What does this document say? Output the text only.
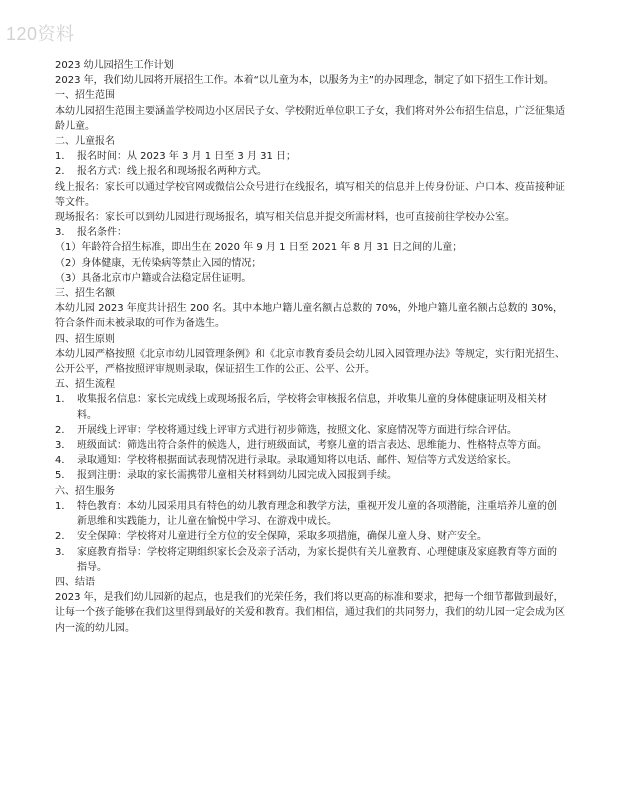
120资料

2023 幼儿园招生工作计划

2023 年，我们幼儿园将开展招生工作。本着“以儿童为本，以服务为主”的办园理念，制定了如下招生工作计划。

一、招生范围

本幼儿园招生范围主要涵盖学校周边小区居民子女、学校附近单位职工子女，我们将对外公布招生信息，广泛征集适龄儿童。

二、儿童报名

1． 报名时间：从 2023 年 3 月 1 日至 3 月 31 日；
2． 报名方式：线上报名和现场报名两种方式。

线上报名：家长可以通过学校官网或微信公众号进行在线报名，填写相关的信息并上传身份证、户口本、疫苗接种证等文件。

现场报名：家长可以到幼儿园进行现场报名，填写相关信息并提交所需材料，也可直接前往学校办公室。

3． 报名条件：

（1）年龄符合招生标准，即出生在 2020 年 9 月 1 日至 2021 年 8 月 31 日之间的儿童；

（2）身体健康，无传染病等禁止入园的情况；

（3）具备北京市户籍或合法稳定居住证明。

三、招生名额

本幼儿园 2023 年度共计招生 200 名。其中本地户籍儿童名额占总数的 70%，外地户籍儿童名额占总数的 30%，符合条件而未被录取的可作为备选生。

四、招生原则

本幼儿园严格按照《北京市幼儿园管理条例》和《北京市教育委员会幼儿园入园管理办法》等规定，实行阳光招生、公开公平，严格按照评审规则录取，保证招生工作的公正、公平、公开。

五、招生流程

1． 收集报名信息：家长完成线上或现场报名后，学校将会审核报名信息，并收集儿童的身体健康证明及相关材料。
2． 开展线上评审：学校将通过线上评审方式进行初步筛选，按照文化、家庭情况等方面进行综合评估。
3． 班级面试：筛选出符合条件的候选人，进行班级面试，考察儿童的语言表达、思维能力、性格特点等方面。
4． 录取通知：学校将根据面试表现情况进行录取。录取通知将以电话、邮件、短信等方式发送给家长。
5． 报到注册：录取的家长需携带儿童相关材料到幼儿园完成入园报到手续。

六、招生服务

1． 特色教育：本幼儿园采用具有特色的幼儿教育理念和教学方法，重视开发儿童的各项潜能，注重培养儿童的创新思维和实践能力，让儿童在愉悦中学习、在游戏中成长。
2． 安全保障：学校将对儿童进行全方位的安全保障，采取多项措施，确保儿童人身、财产安全。
3． 家庭教育指导：学校将定期组织家长会及亲子活动，为家长提供有关儿童教育、心理健康及家庭教育等方面的指导。

四、结语

2023 年，是我们幼儿园新的起点，也是我们的光荣任务，我们将以更高的标准和要求，把每一个细节都做到最好，让每一个孩子能够在我们这里得到最好的关爱和教育。我们相信，通过我们的共同努力，我们的幼儿园一定会成为区内一流的幼儿园。
